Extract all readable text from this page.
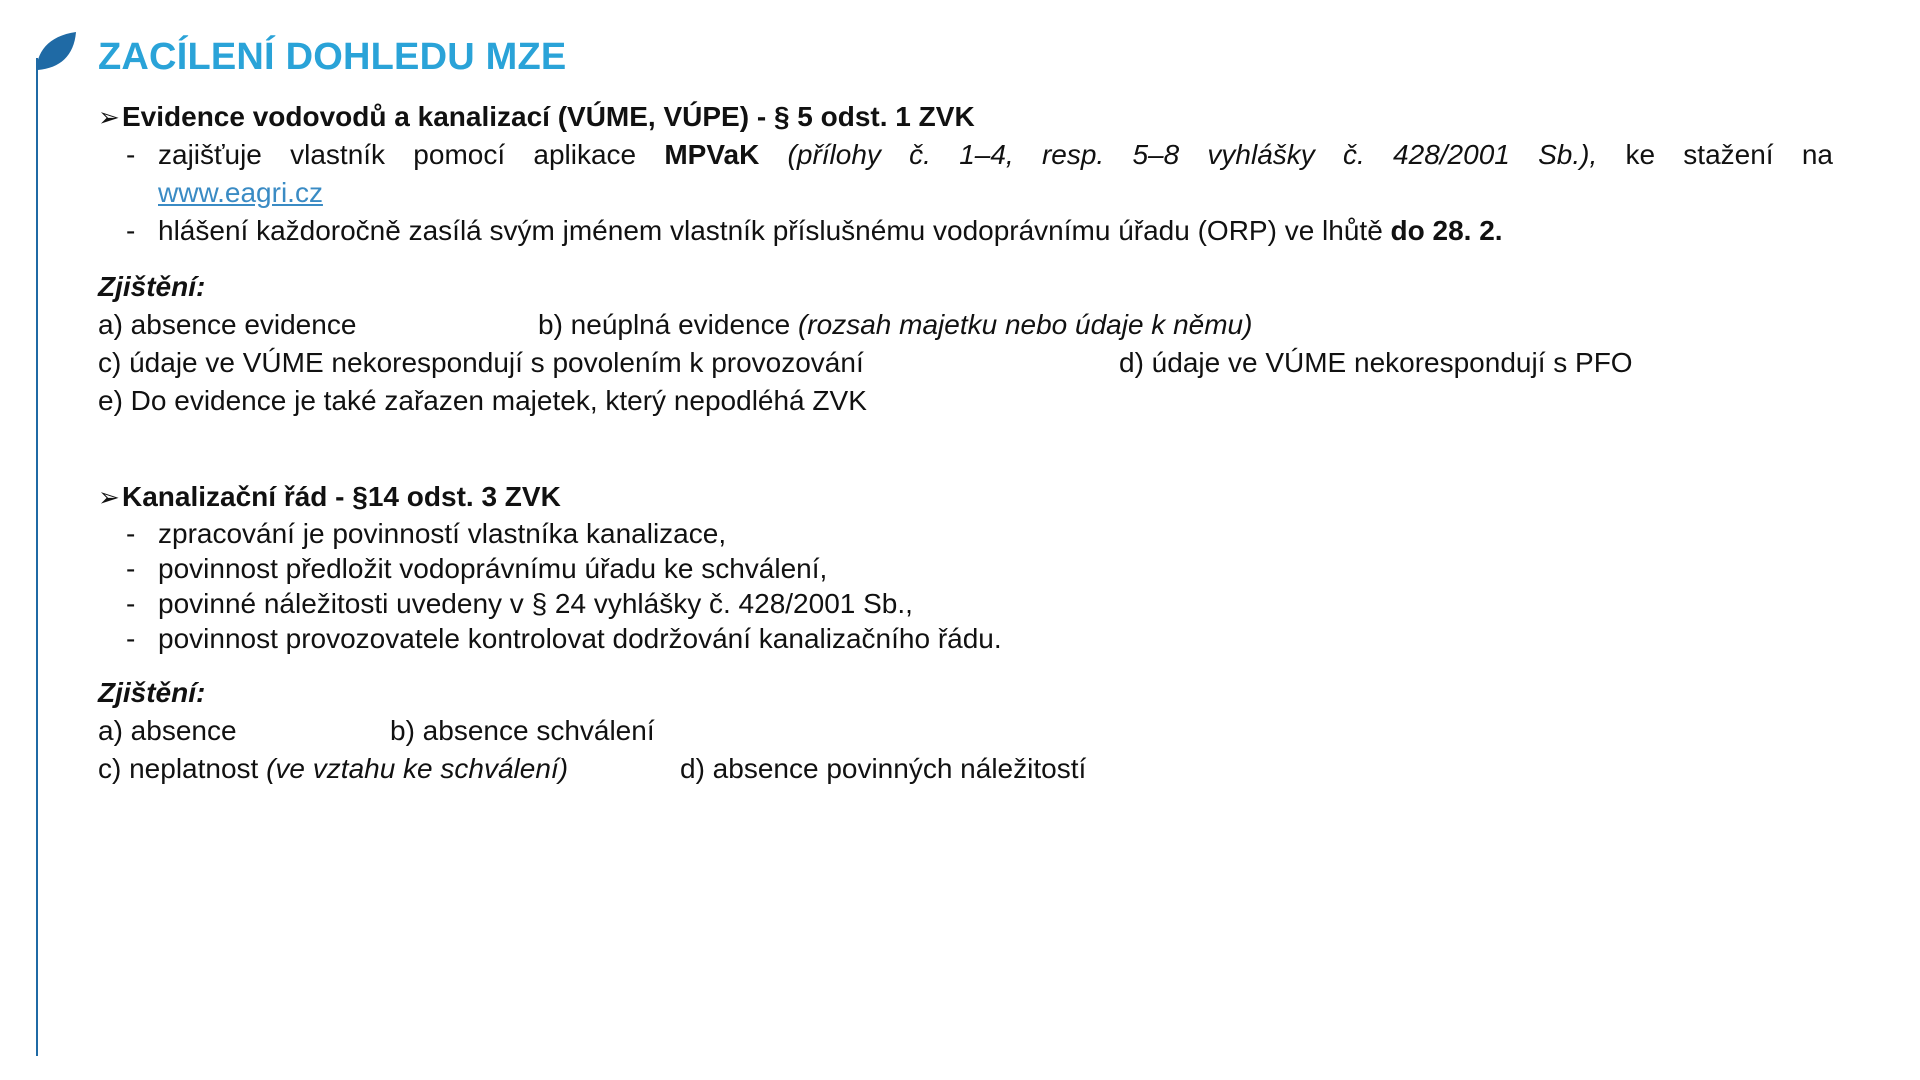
ZACÍLENÍ DOHLEDU MZE
➢ Evidence vodovodů a kanalizací (VÚME, VÚPE) - § 5 odst. 1 ZVK
- zajišťuje vlastník pomocí aplikace MPVaK (přílohy č. 1–4, resp. 5–8 vyhlášky č. 428/2001 Sb.), ke stažení na
www.eagri.cz
- hlášení každoročně zasílá svým jménem vlastník příslušnému vodoprávnímu úřadu (ORP) ve lhůtě do 28. 2.
Zjištění:
a) absence evidence	b) neúplná evidence (rozsah majetku nebo údaje k němu)
c) údaje ve VÚME nekorespondují s povolením k provozování	d) údaje ve VÚME nekorespondují s PFO
e) Do evidence je také zařazen majetek, který nepodléhá ZVK
➢ Kanalizační řád - §14 odst. 3 ZVK
- zpracování je povinností vlastníka kanalizace,
- povinnost předložit vodoprávnímu úřadu ke schválení,
- povinné náležitosti uvedeny v § 24 vyhlášky č. 428/2001 Sb.,
- povinnost provozovatele kontrolovat dodržování kanalizačního řádu.
Zjištění:
a) absence	b) absence schválení
c) neplatnost (ve vztahu ke schválení)	d) absence povinných náležitostí
